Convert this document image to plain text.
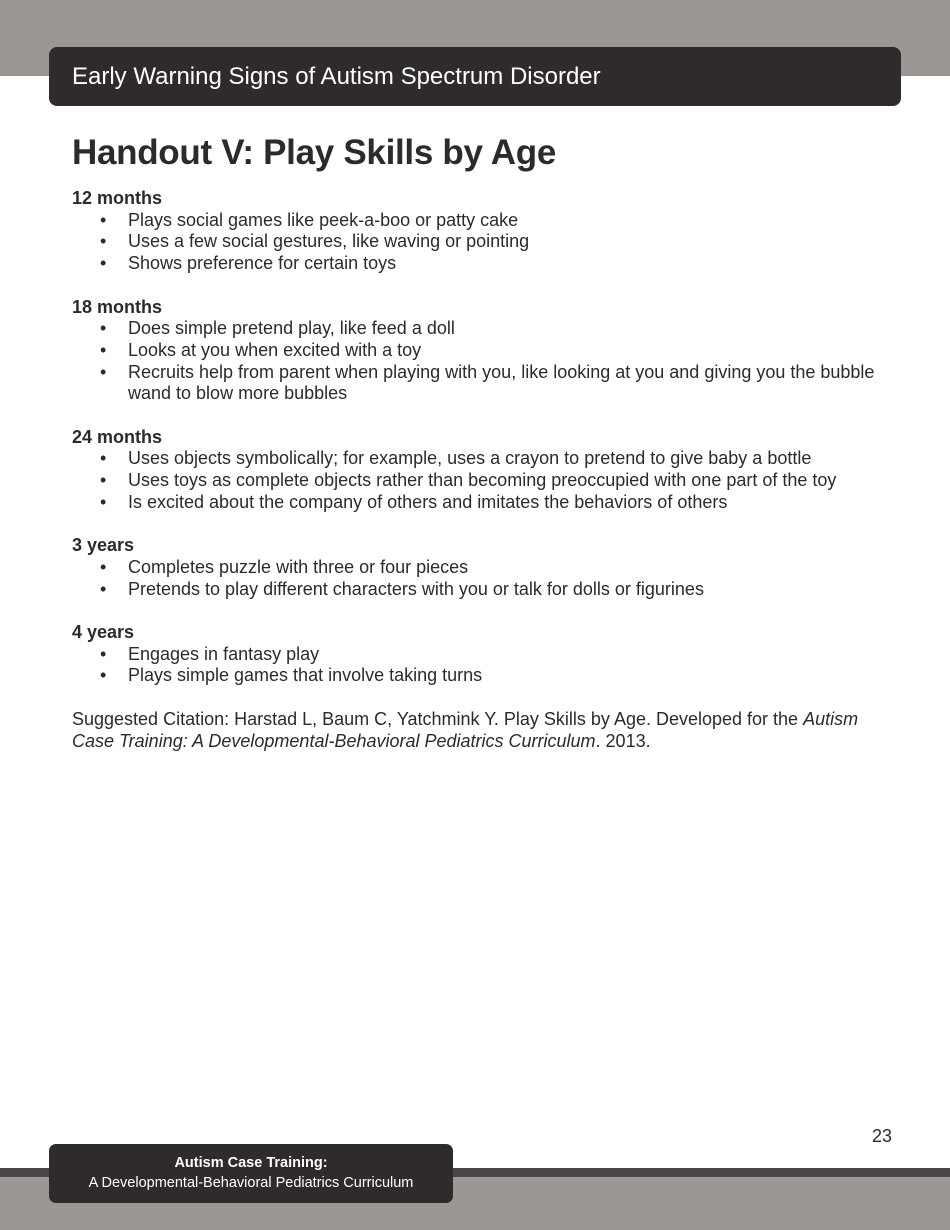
Early Warning Signs of Autism Spectrum Disorder
Handout V: Play Skills by Age
12 months
• Plays social games like peek-a-boo or patty cake
• Uses a few social gestures, like waving or pointing
• Shows preference for certain toys
18 months
• Does simple pretend play, like feed a doll
• Looks at you when excited with a toy
• Recruits help from parent when playing with you, like looking at you and giving you the bubble wand to blow more bubbles
24 months
• Uses objects symbolically; for example, uses a crayon to pretend to give baby a bottle
• Uses toys as complete objects rather than becoming preoccupied with one part of the toy
• Is excited about the company of others and imitates the behaviors of others
3 years
• Completes puzzle with three or four pieces
• Pretends to play different characters with you or talk for dolls or figurines
4 years
• Engages in fantasy play
• Plays simple games that involve taking turns

Suggested Citation: Harstad L, Baum C, Yatchmink Y. Play Skills by Age. Developed for the Autism Case Training: A Developmental-Behavioral Pediatrics Curriculum. 2013.

23
Autism Case Training:
A Developmental-Behavioral Pediatrics Curriculum
